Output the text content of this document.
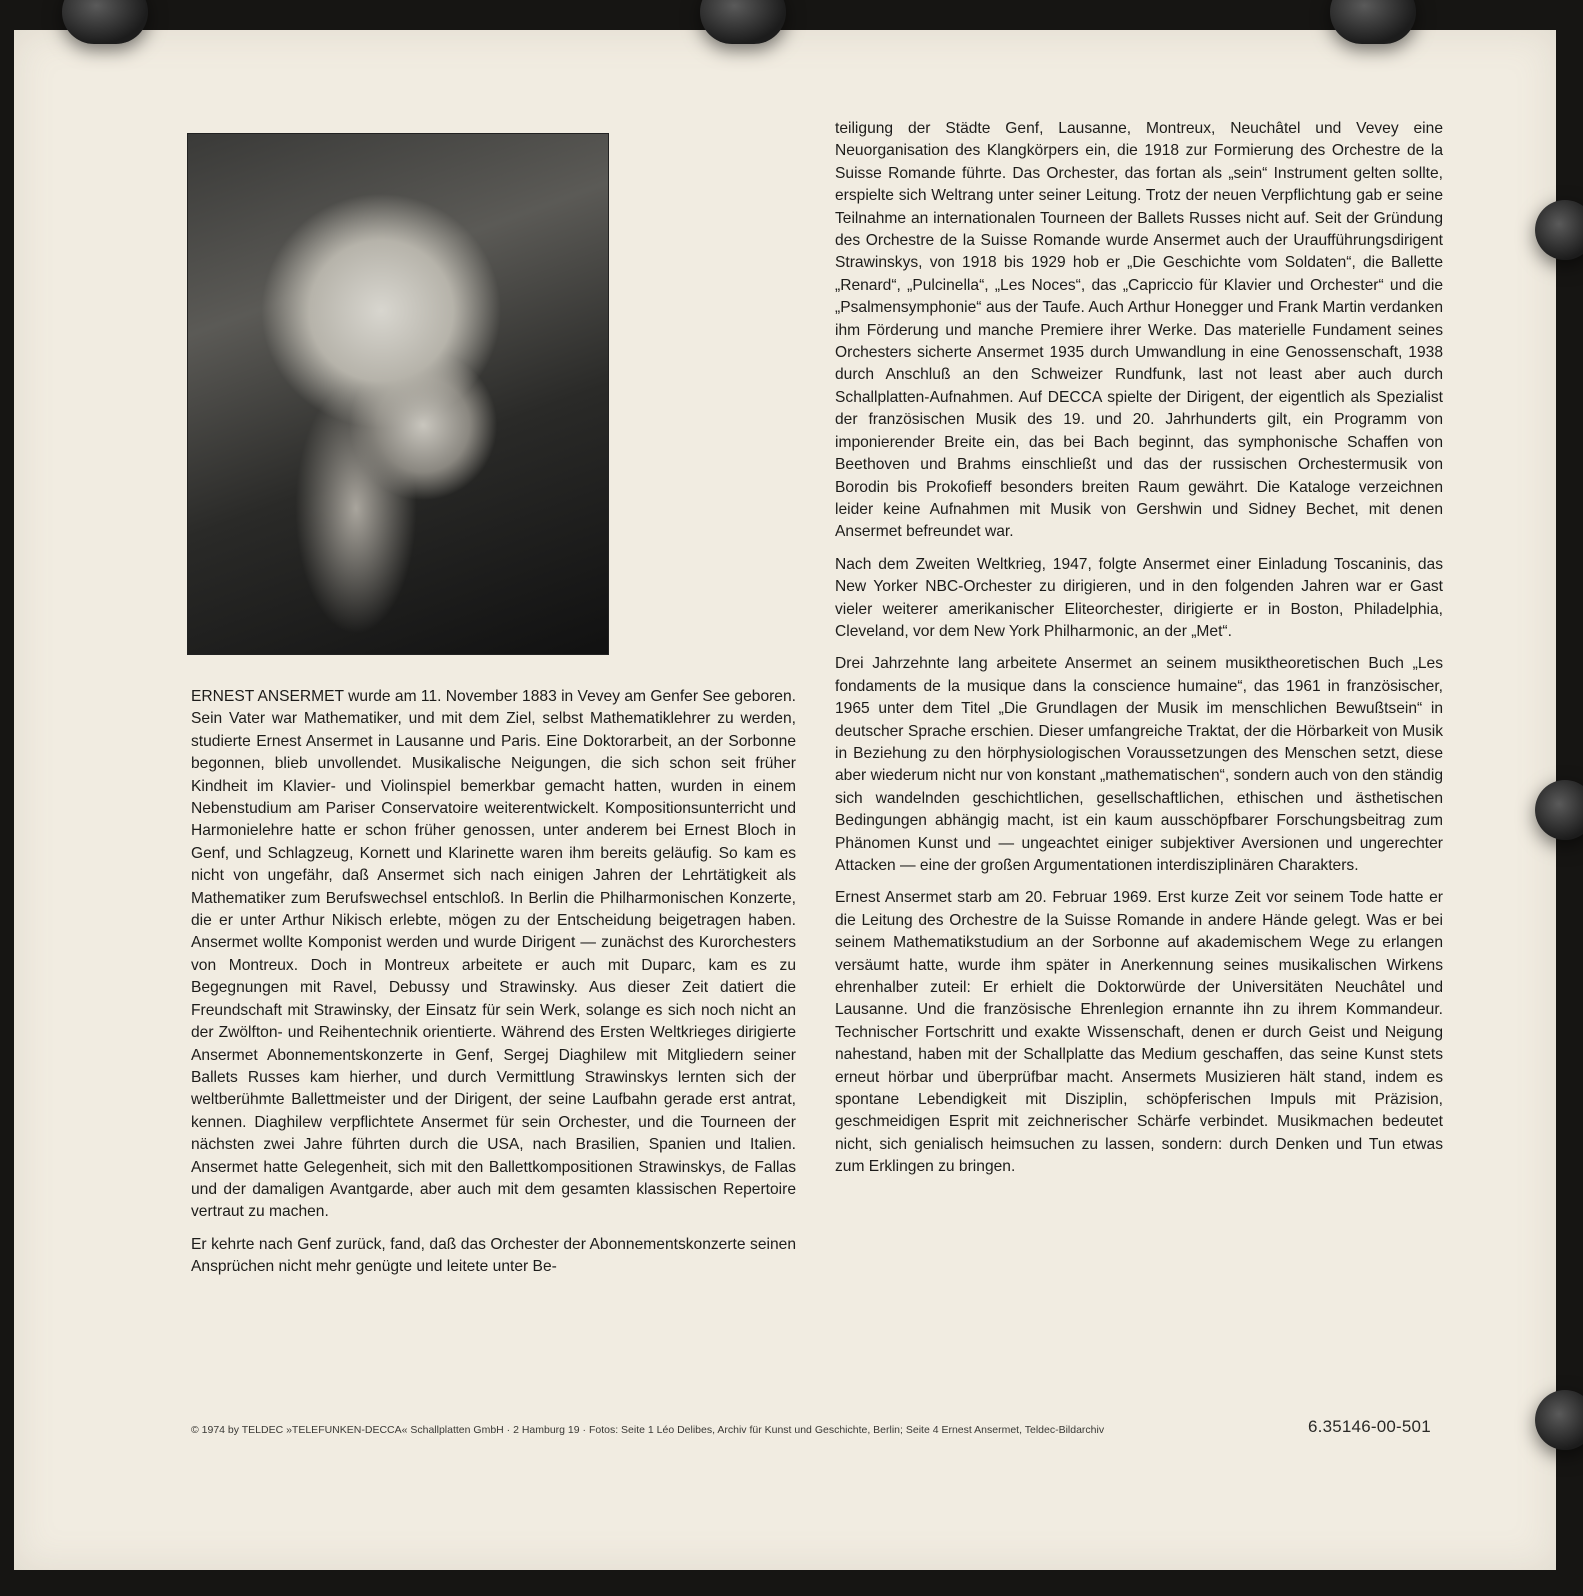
ERNEST ANSERMET wurde am 11. November 1883 in Vevey am Genfer See geboren. Sein Vater war Mathematiker, und mit dem Ziel, selbst Mathematiklehrer zu werden, studierte Ernest Ansermet in Lausanne und Paris. Eine Doktorarbeit, an der Sorbonne begonnen, blieb unvollendet. Musikalische Neigungen, die sich schon seit früher Kindheit im Klavier- und Violinspiel bemerkbar gemacht hatten, wurden in einem Nebenstudium am Pariser Conservatoire weiterentwickelt. Kompositionsunterricht und Harmonielehre hatte er schon früher genossen, unter anderem bei Ernest Bloch in Genf, und Schlagzeug, Kornett und Klarinette waren ihm bereits geläufig. So kam es nicht von ungefähr, daß Ansermet sich nach einigen Jahren der Lehrtätigkeit als Mathematiker zum Berufswechsel entschloß. In Berlin die Philharmonischen Konzerte, die er unter Arthur Nikisch erlebte, mögen zu der Entscheidung beigetragen haben. Ansermet wollte Komponist werden und wurde Dirigent — zunächst des Kurorchesters von Montreux. Doch in Montreux arbeitete er auch mit Duparc, kam es zu Begegnungen mit Ravel, Debussy und Strawinsky. Aus dieser Zeit datiert die Freundschaft mit Strawinsky, der Einsatz für sein Werk, solange es sich noch nicht an der Zwölfton- und Reihentechnik orientierte. Während des Ersten Weltkrieges dirigierte Ansermet Abonnementskonzerte in Genf, Sergej Diaghilew mit Mitgliedern seiner Ballets Russes kam hierher, und durch Vermittlung Strawinskys lernten sich der weltberühmte Ballettmeister und der Dirigent, der seine Laufbahn gerade erst antrat, kennen. Diaghilew verpflichtete Ansermet für sein Orchester, und die Tourneen der nächsten zwei Jahre führten durch die USA, nach Brasilien, Spanien und Italien. Ansermet hatte Gelegenheit, sich mit den Ballettkompositionen Strawinskys, de Fallas und der damaligen Avantgarde, aber auch mit dem gesamten klassischen Repertoire vertraut zu machen.

Er kehrte nach Genf zurück, fand, daß das Orchester der Abonnementskonzerte seinen Ansprüchen nicht mehr genügte und leitete unter Be-

teiligung der Städte Genf, Lausanne, Montreux, Neuchâtel und Vevey eine Neuorganisation des Klangkörpers ein, die 1918 zur Formierung des Orchestre de la Suisse Romande führte. Das Orchester, das fortan als „sein“ Instrument gelten sollte, erspielte sich Weltrang unter seiner Leitung. Trotz der neuen Verpflichtung gab er seine Teilnahme an internationalen Tourneen der Ballets Russes nicht auf. Seit der Gründung des Orchestre de la Suisse Romande wurde Ansermet auch der Uraufführungsdirigent Strawinskys, von 1918 bis 1929 hob er „Die Geschichte vom Soldaten“, die Ballette „Renard“, „Pulcinella“, „Les Noces“, das „Capriccio für Klavier und Orchester“ und die „Psalmensymphonie“ aus der Taufe. Auch Arthur Honegger und Frank Martin verdanken ihm Förderung und manche Premiere ihrer Werke. Das materielle Fundament seines Orchesters sicherte Ansermet 1935 durch Umwandlung in eine Genossenschaft, 1938 durch Anschluß an den Schweizer Rundfunk, last not least aber auch durch Schallplatten-Aufnahmen. Auf DECCA spielte der Dirigent, der eigentlich als Spezialist der französischen Musik des 19. und 20. Jahrhunderts gilt, ein Programm von imponierender Breite ein, das bei Bach beginnt, das symphonische Schaffen von Beethoven und Brahms einschließt und das der russischen Orchestermusik von Borodin bis Prokofieff besonders breiten Raum gewährt. Die Kataloge verzeichnen leider keine Aufnahmen mit Musik von Gershwin und Sidney Bechet, mit denen Ansermet befreundet war.

Nach dem Zweiten Weltkrieg, 1947, folgte Ansermet einer Einladung Toscaninis, das New Yorker NBC-Orchester zu dirigieren, und in den folgenden Jahren war er Gast vieler weiterer amerikanischer Eliteorchester, dirigierte er in Boston, Philadelphia, Cleveland, vor dem New York Philharmonic, an der „Met“.

Drei Jahrzehnte lang arbeitete Ansermet an seinem musiktheoretischen Buch „Les fondaments de la musique dans la conscience humaine“, das 1961 in französischer, 1965 unter dem Titel „Die Grundlagen der Musik im menschlichen Bewußtsein“ in deutscher Sprache erschien. Dieser umfangreiche Traktat, der die Hörbarkeit von Musik in Beziehung zu den hörphysiologischen Voraussetzungen des Menschen setzt, diese aber wiederum nicht nur von konstant „mathematischen“, sondern auch von den ständig sich wandelnden geschichtlichen, gesellschaftlichen, ethischen und ästhetischen Bedingungen abhängig macht, ist ein kaum ausschöpfbarer Forschungsbeitrag zum Phänomen Kunst und — ungeachtet einiger subjektiver Aversionen und ungerechter Attacken — eine der großen Argumentationen interdisziplinären Charakters.

Ernest Ansermet starb am 20. Februar 1969. Erst kurze Zeit vor seinem Tode hatte er die Leitung des Orchestre de la Suisse Romande in andere Hände gelegt. Was er bei seinem Mathematikstudium an der Sorbonne auf akademischem Wege zu erlangen versäumt hatte, wurde ihm später in Anerkennung seines musikalischen Wirkens ehrenhalber zuteil: Er erhielt die Doktorwürde der Universitäten Neuchâtel und Lausanne. Und die französische Ehrenlegion ernannte ihn zu ihrem Kommandeur. Technischer Fortschritt und exakte Wissenschaft, denen er durch Geist und Neigung nahestand, haben mit der Schallplatte das Medium geschaffen, das seine Kunst stets erneut hörbar und überprüfbar macht. Ansermets Musizieren hält stand, indem es spontane Lebendigkeit mit Disziplin, schöpferischen Impuls mit Präzision, geschmeidigen Esprit mit zeichnerischer Schärfe verbindet. Musikmachen bedeutet nicht, sich genialisch heimsuchen zu lassen, sondern: durch Denken und Tun etwas zum Erklingen zu bringen.

© 1974 by TELDEC »TELEFUNKEN-DECCA« Schallplatten GmbH · 2 Hamburg 19 · Fotos: Seite 1 Léo Delibes, Archiv für Kunst und Geschichte, Berlin; Seite 4 Ernest Ansermet, Teldec-Bildarchiv	6.35146-00-501
